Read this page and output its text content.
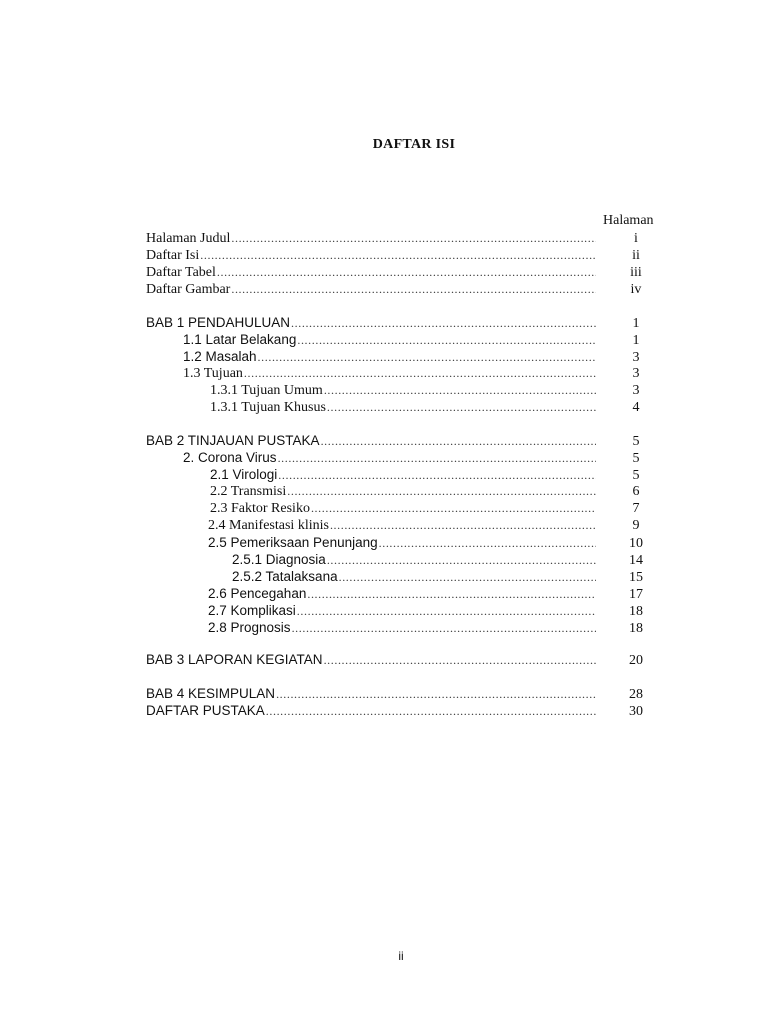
DAFTAR ISI
Halaman
Halaman Judul .....	i
Daftar Isi .....	ii
Daftar Tabel .....	iii
Daftar Gambar .....	iv
BAB 1 PENDAHULUAN .....	1
1.1 Latar Belakang .....	1
1.2 Masalah .....	3
1.3 Tujuan .....	3
1.3.1 Tujuan Umum .....	3
1.3.1 Tujuan Khusus .....	4
BAB 2 TINJAUAN PUSTAKA .....	5
2. Corona Virus .....	5
2.1 Virologi .....	5
2.2 Transmisi .....	6
2.3 Faktor Resiko .....	7
2.4 Manifestasi klinis .....	9
2.5 Pemeriksaan Penunjang .....	10
2.5.1 Diagnosia .....	14
2.5.2 Tatalaksana .....	15
2.6 Pencegahan .....	17
2.7 Komplikasi .....	18
2.8 Prognosis .....	18
BAB 3 LAPORAN KEGIATAN .....	20
BAB 4 KESIMPULAN .....	28
DAFTAR PUSTAKA .....	30
ii
